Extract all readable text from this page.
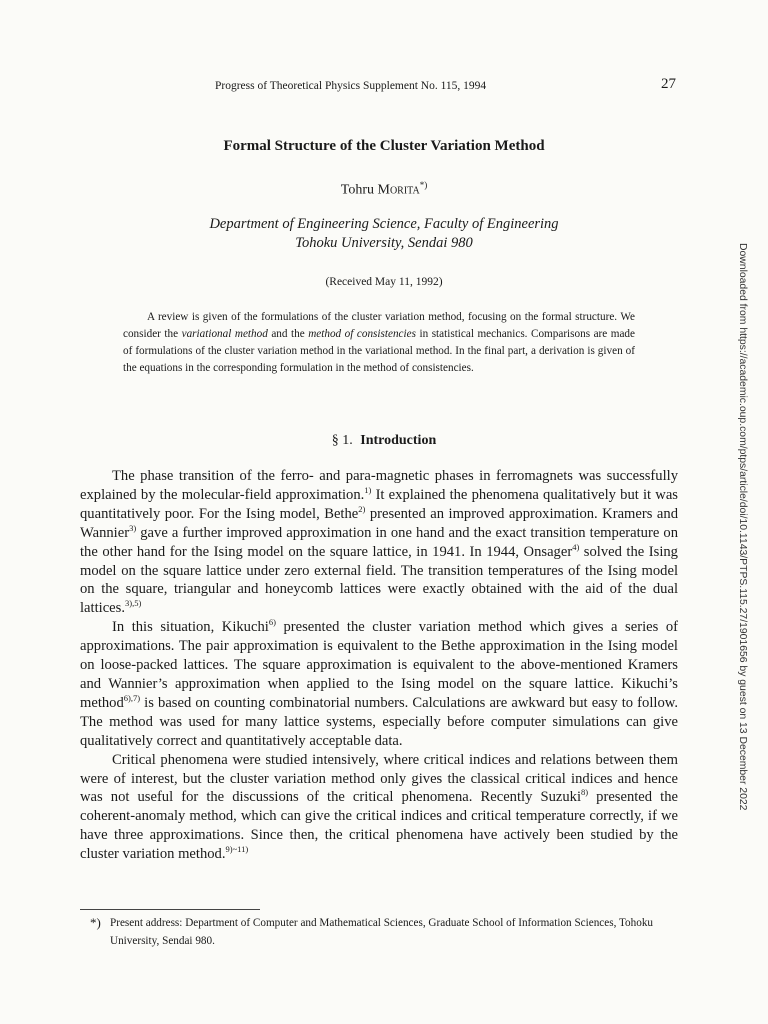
Progress of Theoretical Physics Supplement No. 115, 1994	27
Formal Structure of the Cluster Variation Method
Tohru Morita*)
Department of Engineering Science, Faculty of Engineering
Tohoku University, Sendai 980
(Received May 11, 1992)
A review is given of the formulations of the cluster variation method, focusing on the formal structure. We consider the variational method and the method of consistencies in statistical mechanics. Comparisons are made of formulations of the cluster variation method in the variational method. In the final part, a derivation is given of the equations in the corresponding formulation in the method of consistencies.
§ 1. Introduction

The phase transition of the ferro- and para-magnetic phases in ferromagnets was successfully explained by the molecular-field approximation.$^{1)}$ It explained the phenomena qualitatively but it was quantitatively poor. For the Ising model, Bethe$^{2)}$ presented an improved approximation. Kramers and Wannier$^{3)}$ gave a further improved approximation in one hand and the exact transition temperature on the other hand for the Ising model on the square lattice, in 1941. In 1944, Onsager$^{4)}$ solved the Ising model on the square lattice under zero external field. The transition temperatures of the Ising model on the square, triangular and honeycomb lattices were exactly obtained with the aid of the dual lattices.$^{3),5)}$

In this situation, Kikuchi$^{6)}$ presented the cluster variation method which gives a series of approximations. The pair approximation is equivalent to the Bethe approximation in the Ising model on loose-packed lattices. The square approximation is equivalent to the above-mentioned Kramers and Wannier’s approximation when applied to the Ising model on the square lattice. Kikuchi’s method$^{6),7)}$ is based on counting combinatorial numbers. Calculations are awkward but easy to follow. The method was used for many lattice systems, especially before computer simulations can give qualitatively correct and quantitatively acceptable data.

Critical phenomena were studied intensively, where critical indices and relations between them were of interest, but the cluster variation method only gives the classical critical indices and hence was not useful for the discussions of the critical phenomena. Recently Suzuki$^{8)}$ presented the coherent-anomaly method, which can give the critical indices and critical temperature correctly, if we have three approximations. Since then, the critical phenomena have actively been studied by the cluster variation method.$^{9)\sim 11)}$

*) Present address: Department of Computer and Mathematical Sciences, Graduate School of Information Sciences, Tohoku University, Sendai 980.
Downloaded from https://academic.oup.com/ptps/article/doi/10.1143/PTPS.115.27/1901656 by guest on 13 December 2022
